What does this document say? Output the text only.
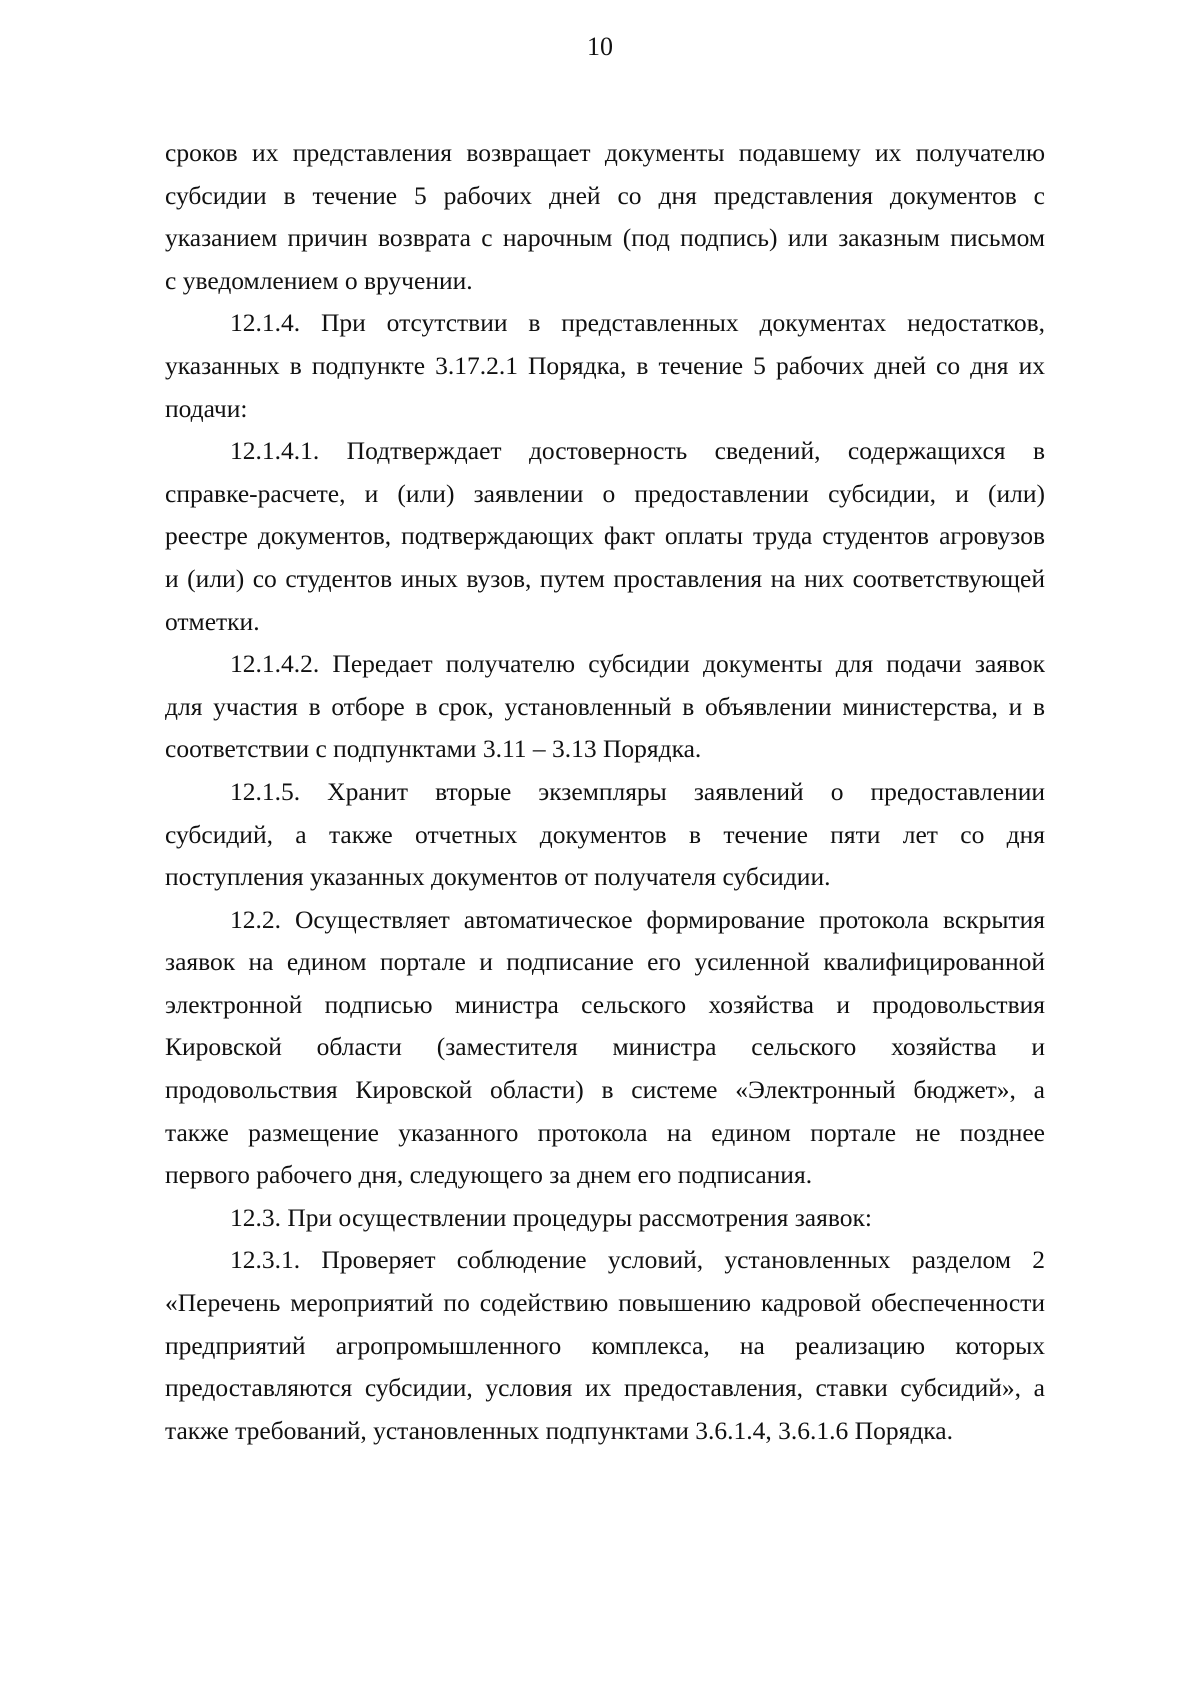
10
сроков их представления возвращает документы подавшему их получателю
субсидии в течение 5 рабочих дней со дня представления документов с
указанием причин возврата с нарочным (под подпись) или заказным письмом
с уведомлением о вручении.
12.1.4. При отсутствии в представленных документах недостатков,
указанных в подпункте 3.17.2.1 Порядка, в течение 5 рабочих дней со дня их
подачи:
12.1.4.1. Подтверждает достоверность сведений, содержащихся в
справке-расчете, и (или) заявлении о предоставлении субсидии, и (или)
реестре документов, подтверждающих факт оплаты труда студентов агровузов
и (или) со студентов иных вузов, путем проставления на них соответствующей
отметки.
12.1.4.2. Передает получателю субсидии документы для подачи заявок
для участия в отборе в срок, установленный в объявлении министерства, и в
соответствии с подпунктами 3.11 – 3.13 Порядка.
12.1.5. Хранит вторые экземпляры заявлений о предоставлении
субсидий, а также отчетных документов в течение пяти лет со дня
поступления указанных документов от получателя субсидии.
12.2. Осуществляет автоматическое формирование протокола вскрытия
заявок на едином портале и подписание его усиленной квалифицированной
электронной подписью министра сельского хозяйства и продовольствия
Кировской области (заместителя министра сельского хозяйства и
продовольствия Кировской области) в системе «Электронный бюджет», а
также размещение указанного протокола на едином портале не позднее
первого рабочего дня, следующего за днем его подписания.
12.3. При осуществлении процедуры рассмотрения заявок:
12.3.1. Проверяет соблюдение условий, установленных разделом 2
«Перечень мероприятий по содействию повышению кадровой обеспеченности
предприятий агропромышленного комплекса, на реализацию которых
предоставляются субсидии, условия их предоставления, ставки субсидий», а
также требований, установленных подпунктами 3.6.1.4, 3.6.1.6 Порядка.
